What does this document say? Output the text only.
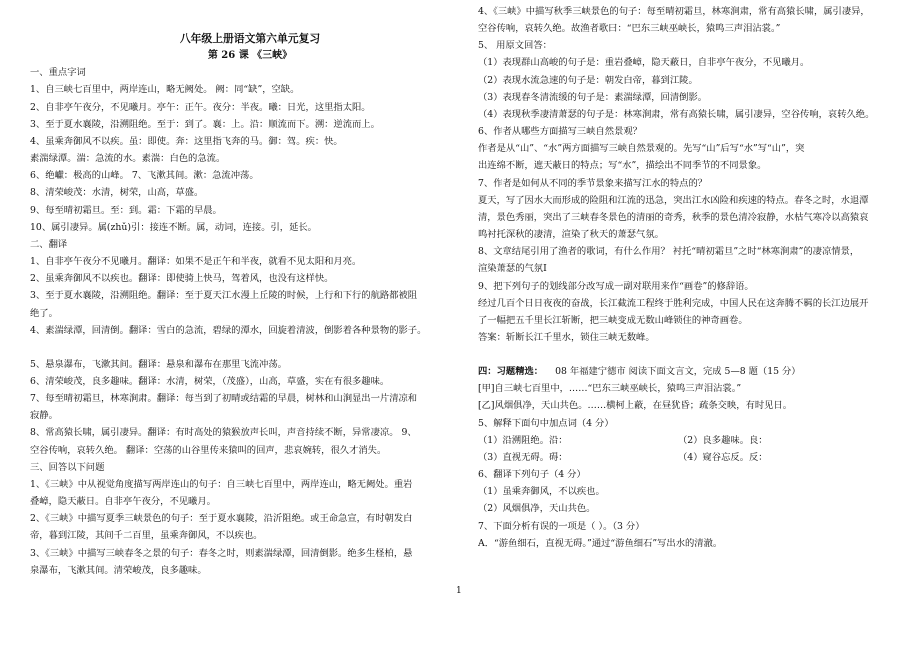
八年级上册语文第六单元复习
第 26 课 《三峡》
一、重点字词
1、自三峡七百里中，两岸连山，略无阙处。 阙：同“缺”，空缺。
2、自非亭午夜分，不见曦月。亭午：正午。夜分：半夜。曦：日光，这里指太阳。
3、至于夏水襄陵，沿溯阻绝。至于：到了。襄：上。沿：顺流而下。溯：逆流而上。
4、虽乘奔御风不以疾。虽：即使。奔：这里指飞奔的马。御：驾。疾：快。
素湍绿潭。湍：急流的水。素湍：白色的急流。
6、绝巘：极高的山峰。 7、飞漱其间。漱：急流冲荡。
8、清荣峻茂：水清，树荣，山高，草盛。
9、每至晴初霜旦。至：到。霜：下霜的早晨。
10、属引凄异。属(zhǔ)引：接连不断。属，动词，连接。引，延长。
二、翻译
1、自非亭午夜分不见曦月。翻译：如果不是正午和半夜，就看不见太阳和月亮。
2、虽乘奔御风不以疾也。翻译：即使骑上快马，驾着风，也没有这样快。
3、至于夏水襄陵，沿溯阻绝。翻译：至于夏天江水漫上丘陵的时候，上行和下行的航路都被阻
绝了。
4、素湍绿潭，回清倒。翻译：雪白的急流，碧绿的潭水，回旋着清波，倒影着各种景物的影子。
5、悬泉瀑布，飞漱其间。翻译：悬泉和瀑布在那里飞流冲荡。
6、清荣峻茂，良多趣味。翻译：水清，树荣，（茂盛），山高，草盛，实在有很多趣味。
7、每至晴初霜旦，林寒涧肃。翻译：每当到了初晴或结霜的早晨，树林和山涧显出一片清凉和
寂静。
8、常高猿长啸，属引凄异。翻译：有时高处的猿猴放声长叫，声音持续不断，异常凄凉。 9、
空谷传响，哀转久绝。 翻译：空荡的山谷里传来猿叫的回声，悲哀婉转，很久才消失。
三、回答以下问题
1、《三峡》中从视觉角度描写两岸连山的句子：自三峡七百里中，两岸连山，略无阙处。重岩
叠嶂，隐天蔽日。自非亭午夜分，不见曦月。
2、《三峡》中描写夏季三峡景色的句子：至于夏水襄陵，沿沂阻绝。或王命急宣，有时朝发白
帝，暮到江陵，其间千二百里，虽乘奔御风，不以疾也。
3、《三峡》中描写三峡春冬之景的句子：春冬之时，则素湍绿潭，回清倒影。绝多生柽柏，悬
泉瀑布，飞漱其间。清荣峻茂，良多趣味。
4、《三峡》中描写秋季三峡景色的句子：每至晴初霜旦，林寒涧肃，常有高猿长啸，属引凄异，
空谷传响，哀转久绝。故渔者歌曰：“巴东三峡巫峡长，猿鸣三声泪沾裳。”
5、 用原文回答：
（1）表现群山高峻的句子是：重岩叠嶂，隐天蔽日，自非亭午夜分，不见曦月。
（2）表现水流急速的句子是：朝发白帝，暮到江陵。
（3）表现春冬清流缓的句子是：素湍绿潭，回清倒影。
（4）表现秋季凄清萧瑟的句子是：林寒涧肃，常有高猿长啸，属引凄异，空谷传响，哀转久绝。
6、作者从哪些方面描写三峡自然景观？
作者是从“山”、“水”两方面描写三峡自然景观的。先写“山”后写“水”写“山”，突
出连绵不断，遮天蔽日的特点；写“水”，描绘出不同季节的不同景象。
7、作者是如何从不同的季节景象来描写江水的特点的？
夏天，写了因水大而形成的险阻和江流的迅急，突出江水凶险和疾速的特点。春冬之时，水退潭
清，景色秀丽，突出了三峡春冬景色的清丽的奇秀，秋季的景色清冷寂静，水枯气寒冷以高猿哀
鸣衬托深秋的凄清，渲染了秋天的萧瑟气氛。
8、文章结尾引用了渔者的歌词，有什么作用？ 衬托“晴初霜旦”之时“林寒涧肃”的凄凉情景，
渲染萧瑟的气氛Ⅰ
9、把下列句子的划线部分改写成一副对联用来作“画卷”的修辞语。
经过几百个日日夜夜的奋战，长江截流工程终于胜利完成，中国人民在这奔腾不羁的长江边展开
了一幅把五千里长江斩断，把三峡变成无数山峰锁住的神奇画卷。
答案：斩断长江千里水，锁住三峡无数峰。
四：习题精选： 08 年福建宁德市 阅读下面文言文，完成 5—8 题（15 分）
[甲]自三峡七百里中，……“巴东三峡巫峡长，猿鸣三声泪沾裳。”
[乙]风烟俱净，天山共色。……横柯上蔽，在昼犹昏；疏条交映，有时见日。
5、解释下面句中加点词（4 分）
（1）沿溯阻绝。沿：	（2）良多趣味。良：
（3）直视无碍。碍：	（4）窥谷忘反。反：
6、翻译下列句子（4 分）
（1）虽乘奔御风，不以疾也。
（2）风烟俱净，天山共色。
7、下面分析有误的一项是（ ）。（3 分）
A．“游鱼细石，直视无碍。”通过“游鱼细石”写出水的清澈。
1
